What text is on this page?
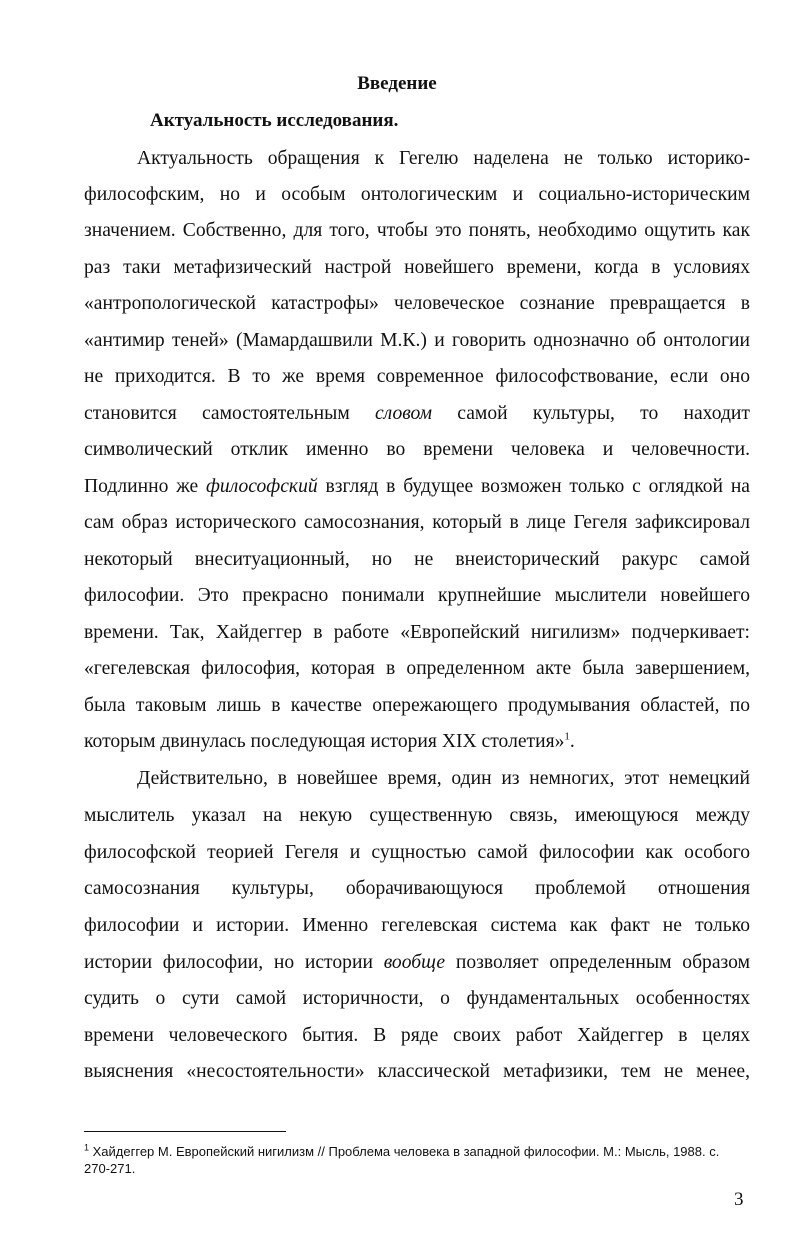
Введение
Актуальность исследования.
Актуальность обращения к Гегелю наделена не только историко-
философским, но и особым онтологическим и социально-историческим
значением. Собственно, для того, чтобы это понять, необходимо ощутить как
раз таки метафизический настрой новейшего времени, когда в условиях
«антропологической катастрофы» человеческое сознание превращается в
«антимир теней» (Мамардашвили М.К.) и говорить однозначно об онтологии
не приходится. В то же время современное философствование, если оно
становится самостоятельным словом самой культуры, то находит
символический отклик именно во времени человека и человечности.
Подлинно же философский взгляд в будущее возможен только с оглядкой на
сам образ исторического самосознания, который в лице Гегеля зафиксировал
некоторый внеситуационный, но не внеисторический ракурс самой
философии. Это прекрасно понимали крупнейшие мыслители новейшего
времени. Так, Хайдеггер в работе «Европейский нигилизм» подчеркивает:
«гегелевская философия, которая в определенном акте была завершением,
была таковым лишь в качестве опережающего продумывания областей, по
которым двинулась последующая история XIX столетия»$^1$.
Действительно, в новейшее время, один из немногих, этот немецкий
мыслитель указал на некую существенную связь, имеющуюся между
философской теорией Гегеля и сущностью самой философии как особого
самосознания культуры, оборачивающуюся проблемой отношения
философии и истории. Именно гегелевская система как факт не только
истории философии, но истории вообще позволяет определенным образом
судить о сути самой историчности, о фундаментальных особенностях
времени человеческого бытия. В ряде своих работ Хайдеггер в целях
выяснения «несостоятельности» классической метафизики, тем не менее,
$^1$ Хайдеггер М. Европейский нигилизм // Проблема человека в западной философии. М.: Мысль, 1988. с.
270-271.
3
